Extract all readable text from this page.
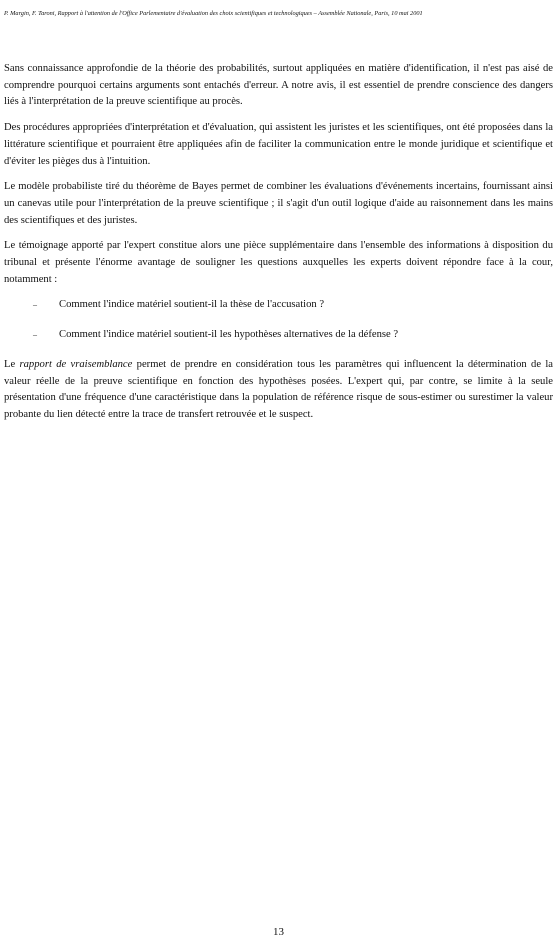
P. Margin, F. Taroni, Rapport à l'attention de l'Office Parlementaire d'évaluation des choix scientifiques et technologiques – Assemblée Nationale, Paris, 10 mai 2001

Sans connaissance approfondie de la théorie des probabilités, surtout appliquées en matière d'identification, il n'est pas aisé de comprendre pourquoi certains arguments sont entachés d'erreur. A notre avis, il est essentiel de prendre conscience des dangers liés à l'interprétation de la preuve scientifique au procès.

Des procédures appropriées d'interprétation et d'évaluation, qui assistent les juristes et les scientifiques, ont été proposées dans la littérature scientifique et pourraient être appliquées afin de faciliter la communication entre le monde juridique et scientifique et d'éviter les pièges dus à l'intuition.

Le modèle probabiliste tiré du théorème de Bayes permet de combiner les évaluations d'événements incertains, fournissant ainsi un canevas utile pour l'interprétation de la preuve scientifique ; il s'agit d'un outil logique d'aide au raisonnement dans les mains des scientifiques et des juristes.

Le témoignage apporté par l'expert constitue alors une pièce supplémentaire dans l'ensemble des informations à disposition du tribunal et présente l'énorme avantage de souligner les questions auxquelles les experts doivent répondre face à la cour, notamment :

– Comment l'indice matériel soutient-il la thèse de l'accusation ?
– Comment l'indice matériel soutient-il les hypothèses alternatives de la défense ?

Le rapport de vraisemblance permet de prendre en considération tous les paramètres qui influencent la détermination de la valeur réelle de la preuve scientifique en fonction des hypothèses posées. L'expert qui, par contre, se limite à la seule présentation d'une fréquence d'une caractéristique dans la population de référence risque de sous-estimer ou surestimer la valeur probante du lien détecté entre la trace de transfert retrouvée et le suspect.

13
